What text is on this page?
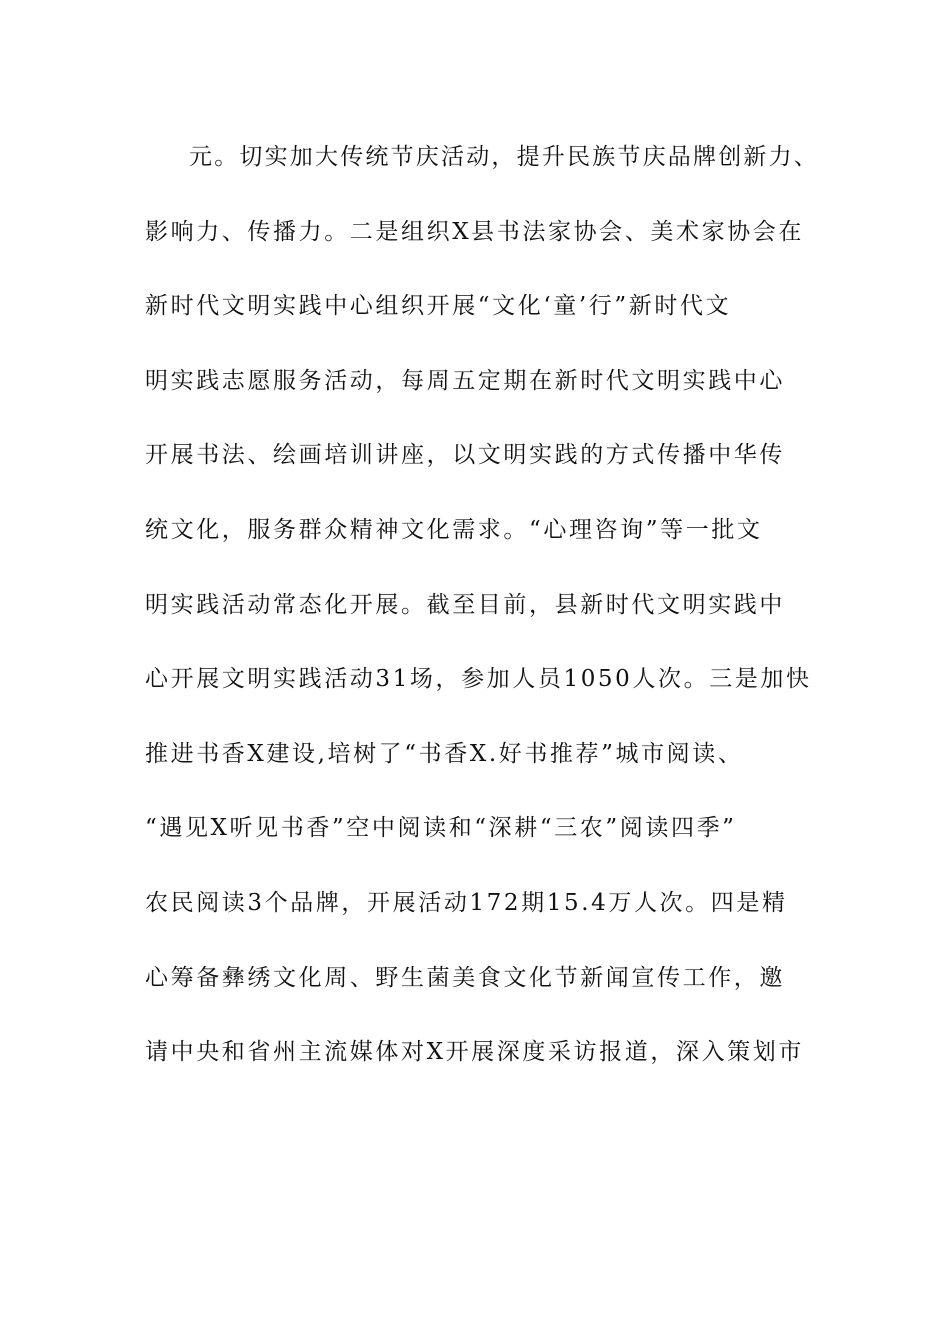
元。切实加大传统节庆活动，提升民族节庆品牌创新力、
影响力、传播力。二是组织X县书法家协会、美术家协会在
新时代文明实践中心组织开展“文化‘童’行”新时代文
明实践志愿服务活动，每周五定期在新时代文明实践中心
开展书法、绘画培训讲座，以文明实践的方式传播中华传
统文化，服务群众精神文化需求。“心理咨询”等一批文
明实践活动常态化开展。截至目前，县新时代文明实践中
心开展文明实践活动31场，参加人员1050人次。三是加快
推进书香X建设,培树了“书香X.好书推荐”城市阅读、
“遇见X听见书香”空中阅读和“深耕“三农”阅读四季”
农民阅读3个品牌，开展活动172期15.4万人次。四是精
心筹备彝绣文化周、野生菌美食文化节新闻宣传工作，邀
请中央和省州主流媒体对X开展深度采访报道，深入策划市
